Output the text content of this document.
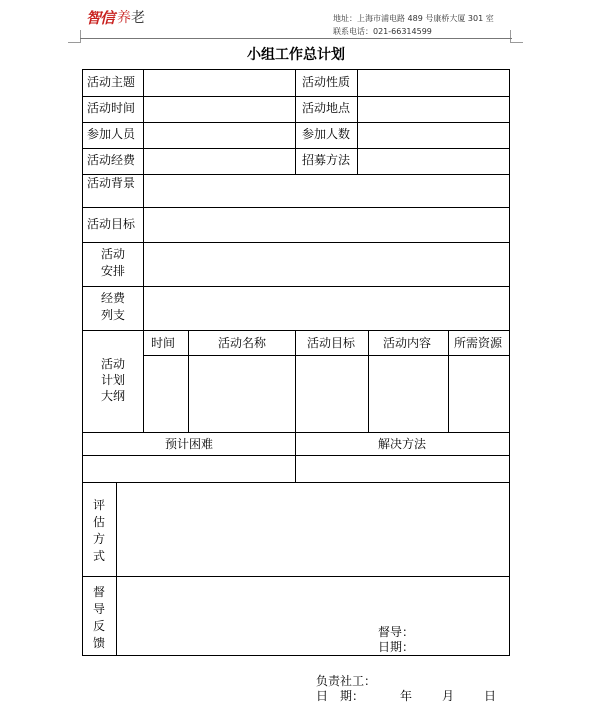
智信 养老	地址：上海市浦电路 489 号康桥大厦 301 室
联系电话：021-66314599
小组工作总计划
活动主题	活动性质
活动时间	活动地点
参加人员	参加人数
活动经费	招募方法
活动背景
活动目标
活动安排
经费列支
活动计划大纲
时间	活动名称	活动目标 活动内容 所需资源
预计困难	解决方法
评估方式
督导反馈
督导：
日期：
负责社工：
日　期：	年 月 日
